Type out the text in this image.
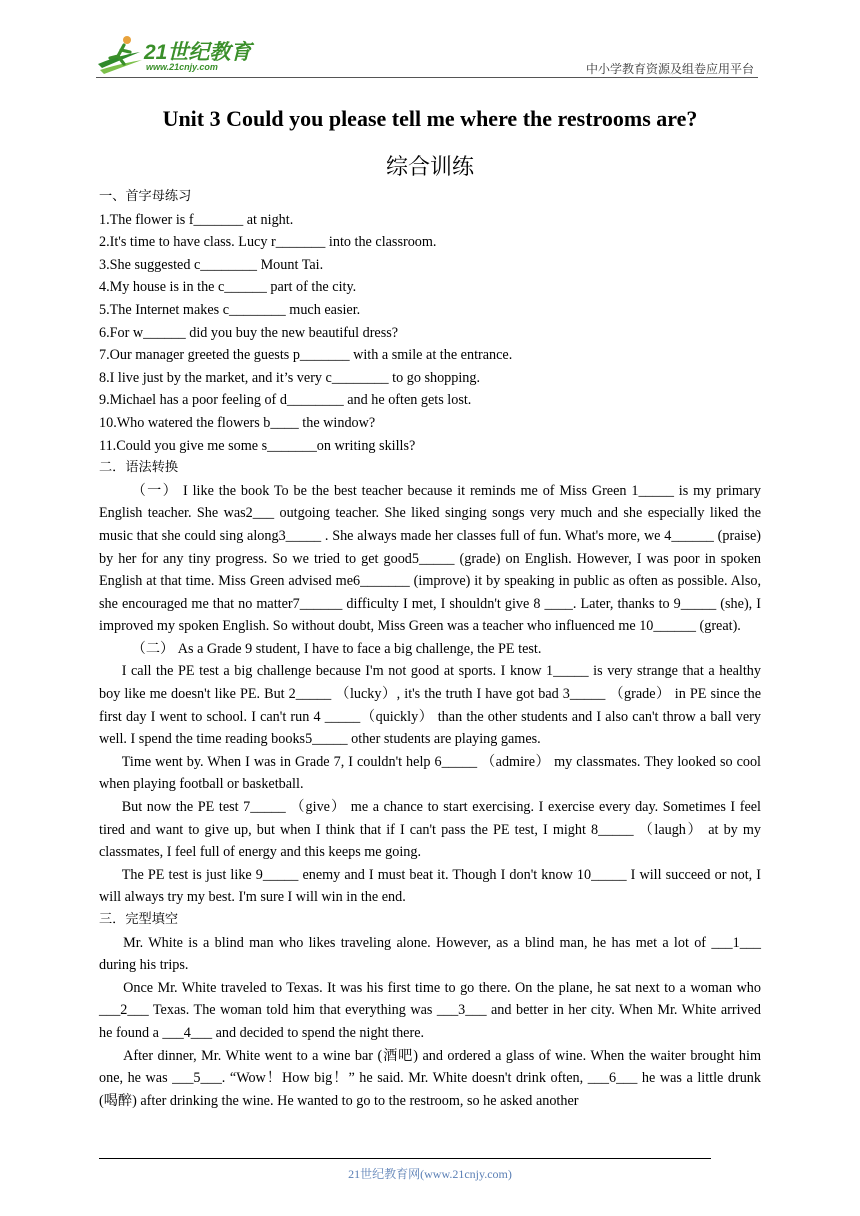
21世纪教育
www.21cnjy.com	中小学教育资源及组卷应用平台
Unit 3 Could you please tell me where the restrooms are?
综合训练
一、首字母练习
1.The flower is f_______ at night.
2.It's time to have class. Lucy r_______ into the classroom.
3.She suggested c________ Mount Tai.
4.My house is in the c______ part of the city.
5.The Internet makes c________ much easier.
6.For w______ did you buy the new beautiful dress?
7.Our manager greeted the guests p_______ with a smile at the entrance.
8.I live just by the market, and it’s very c________ to go shopping.
9.Michael has a poor feeling of d________ and he often gets lost.
10.Who watered the flowers b____ the window?
11.Could you give me some s_______on writing skills?
二．语法转换
（一） I like the book To be the best teacher because it reminds me of Miss Green 1_____ is my primary English teacher. She was2___ outgoing teacher. She liked singing songs very much and she especially liked the music that she could sing along3_____ . She always made her classes full of fun. What's more, we 4______ (praise) by her for any tiny progress. So we tried to get good5_____ (grade) on English. However, I was poor in spoken English at that time. Miss Green advised me6_______ (improve) it by speaking in public as often as possible. Also, she encouraged me that no matter7______ difficulty I met, I shouldn't give 8 ____. Later, thanks to 9_____ (she), I improved my spoken English. So without doubt, Miss Green was a teacher who influenced me 10______ (great).
（二） As a Grade 9 student, I have to face a big challenge, the PE test.
I call the PE test a big challenge because I'm not good at sports. I know 1_____ is very strange that a healthy boy like me doesn't like PE. But 2_____ （lucky）, it's the truth I have got bad 3_____ （grade） in PE since the first day I went to school. I can't run 4 _____（quickly） than the other students and I also can't throw a ball very well. I spend the time reading books5_____ other students are playing games.
Time went by. When I was in Grade 7, I couldn't help 6_____ （admire） my classmates. They looked so cool when playing football or basketball.
But now the PE test 7_____ （give） me a chance to start exercising. I exercise every day. Sometimes I feel tired and want to give up, but when I think that if I can't pass the PE test, I might 8_____ （laugh） at by my classmates, I feel full of energy and this keeps me going.
The PE test is just like 9_____ enemy and I must beat it. Though I don't know 10_____ I will succeed or not, I will always try my best. I'm sure I will win in the end.
三．完型填空
Mr. White is a blind man who likes traveling alone. However, as a blind man, he has met a lot of ___1___ during his trips.
Once Mr. White traveled to Texas. It was his first time to go there. On the plane, he sat next to a woman who ___2___ Texas. The woman told him that everything was ___3___ and better in her city. When Mr. White arrived he found a ___4___ and decided to spend the night there.
After dinner, Mr. White went to a wine bar (酒吧) and ordered a glass of wine. When the waiter brought him one, he was ___5___. “Wow！How big！” he said. Mr. White doesn't drink often, ___6___ he was a little drunk (喝醉) after drinking the wine. He wanted to go to the restroom, so he asked another
21世纪教育网(www.21cnjy.com)
